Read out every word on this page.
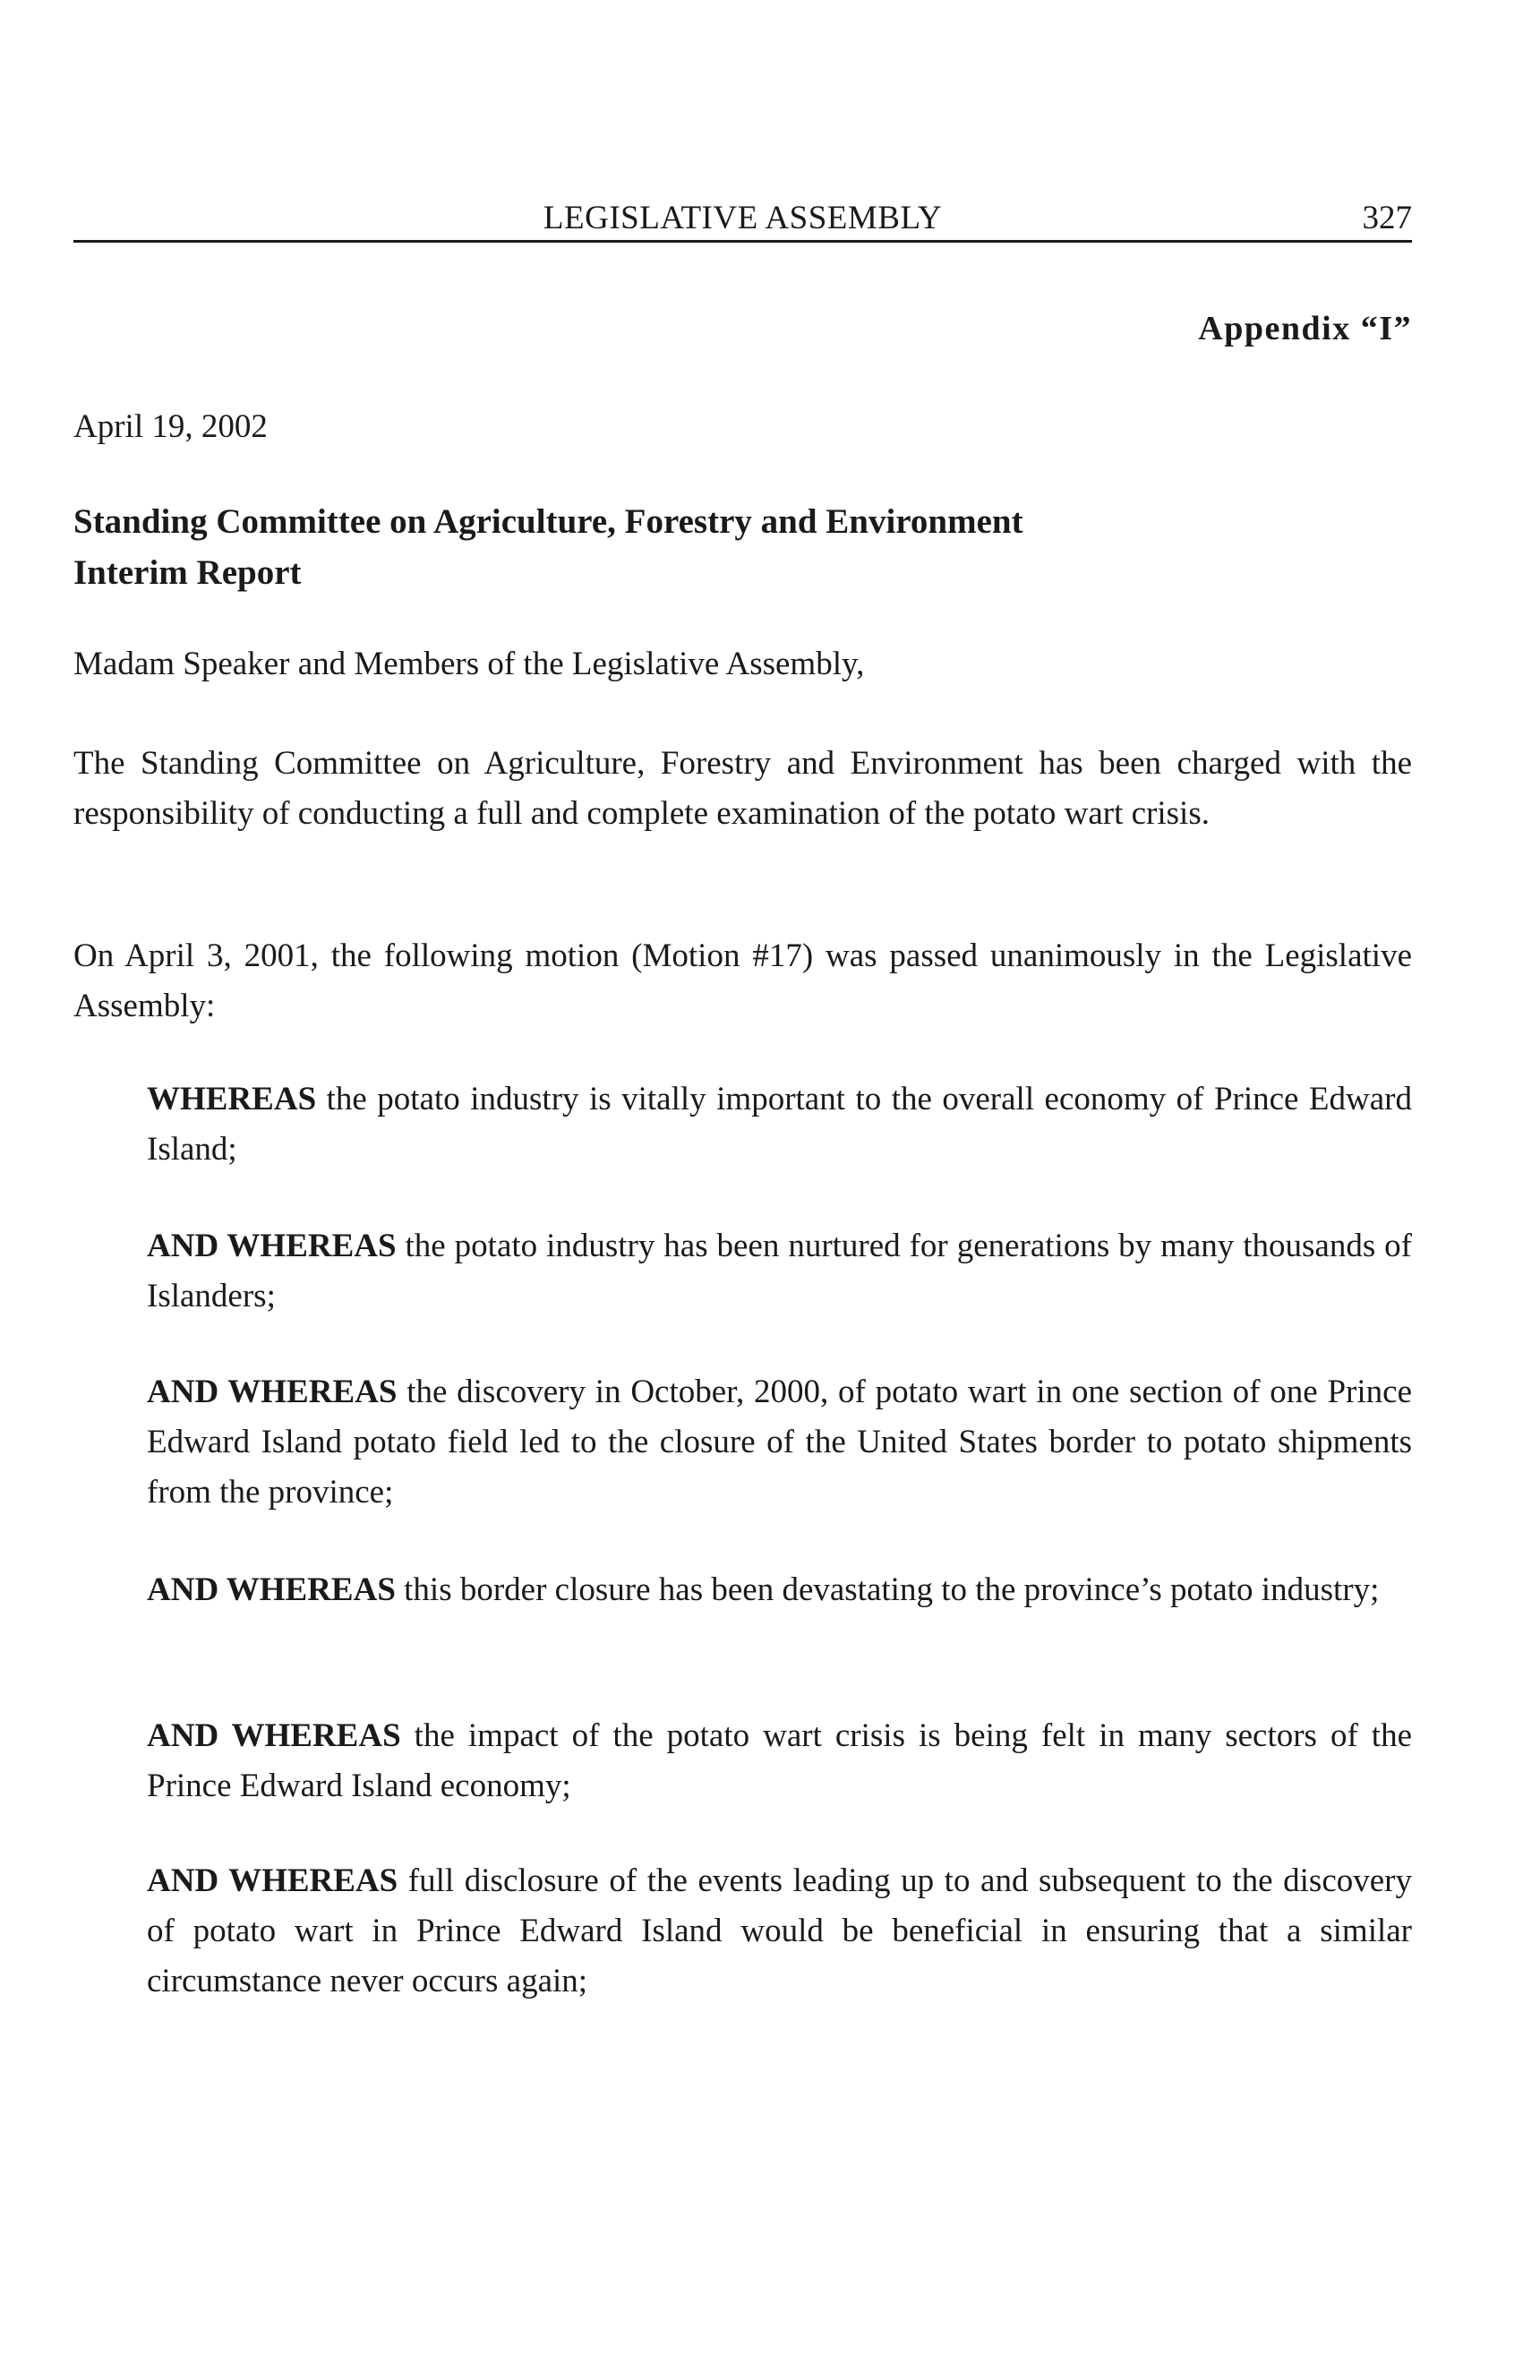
LEGISLATIVE ASSEMBLY	327
Appendix “I”
April 19, 2002
Standing Committee on Agriculture, Forestry and Environment
Interim Report
Madam Speaker and Members of the Legislative Assembly,
The Standing Committee on Agriculture, Forestry and Environment has been charged with the responsibility of conducting a full and complete examination of the potato wart crisis.
On April 3, 2001, the following motion (Motion #17) was passed unanimously in the Legislative Assembly:
WHEREAS the potato industry is vitally important to the overall economy of Prince Edward Island;
AND WHEREAS the potato industry has been nurtured for generations by many thousands of Islanders;
AND WHEREAS the discovery in October, 2000, of potato wart in one section of one Prince Edward Island potato field led to the closure of the United States border to potato shipments from the province;
AND WHEREAS this border closure has been devastating to the province’s potato industry;
AND WHEREAS the impact of the potato wart crisis is being felt in many sectors of the Prince Edward Island economy;
AND WHEREAS full disclosure of the events leading up to and subsequent to the discovery of potato wart in Prince Edward Island would be beneficial in ensuring that a similar circumstance never occurs again;
